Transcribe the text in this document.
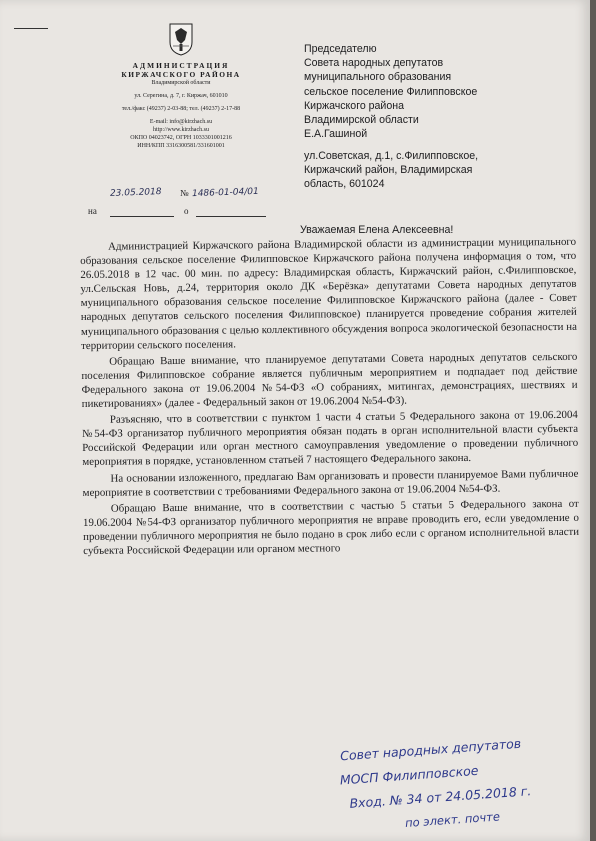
АДМИНИСТРАЦИЯ
КИРЖАЧСКОГО РАЙОНА
Владимирской области
ул. Серегина, д. 7, г. Киржач, 601010
тел./факс (49237) 2-03-88; тел. (49237) 2-17-88
E-mail: info@kirzhach.su
http://www.kirzhach.su
ОКПО 04023742, ОГРН 1033301001216
ИНН/КПП 3316300581/331601001
Председателю
Совета народных депутатов
муниципального образования
сельское поселение Филипповское
Киржачского района
Владимирской области
Е.А.Гашиной
ул.Советская, д.1, с.Филипповское,
Киржачский район, Владимирская
область, 601024
23.05.2018 № 1486-01-04/01
на	о
Уважаемая Елена Алексеевна!

Администрацией Киржачского района Владимирской области из администрации муниципального образования сельское поселение Филипповское Киржачского района получена информация о том, что 26.05.2018 в 12 час. 00 мин. по адресу: Владимирская область, Киржачский район, с.Филипповское, ул.Сельская Новь, д.24, территория около ДК «Берёзка» депутатами Совета народных депутатов муниципального образования сельское поселение Филипповское Киржачского района (далее - Совет народных депутатов сельского поселения Филипповское) планируется проведение собрания жителей муниципального образования с целью коллективного обсуждения вопроса экологической безопасности на территории сельского поселения.

Обращаю Ваше внимание, что планируемое депутатами Совета народных депутатов сельского поселения Филипповское собрание является публичным мероприятием и подпадает под действие Федерального закона от 19.06.2004 №54-ФЗ «О собраниях, митингах, демонстрациях, шествиях и пикетированиях» (далее - Федеральный закон от 19.06.2004 №54-ФЗ).

Разъясняю, что в соответствии с пунктом 1 части 4 статьи 5 Федерального закона от 19.06.2004 №54-ФЗ организатор публичного мероприятия обязан подать в орган исполнительной власти субъекта Российской Федерации или орган местного самоуправления уведомление о проведении публичного мероприятия в порядке, установленном статьей 7 настоящего Федерального закона.

На основании изложенного, предлагаю Вам организовать и провести планируемое Вами публичное мероприятие в соответствии с требованиями Федерального закона от 19.06.2004 №54-ФЗ.

Обращаю Ваше внимание, что в соответствии с частью 5 статьи 5 Федерального закона от 19.06.2004 №54-ФЗ организатор публичного мероприятия не вправе проводить его, если уведомление о проведении публичного мероприятия не было подано в срок либо если с органом исполнительной власти субъекта Российской Федерации или органом местного

Совет народных депутатов
МОСП Филипповское
Вход. № 34 от 24.05.2018 г.
по элект. почте
